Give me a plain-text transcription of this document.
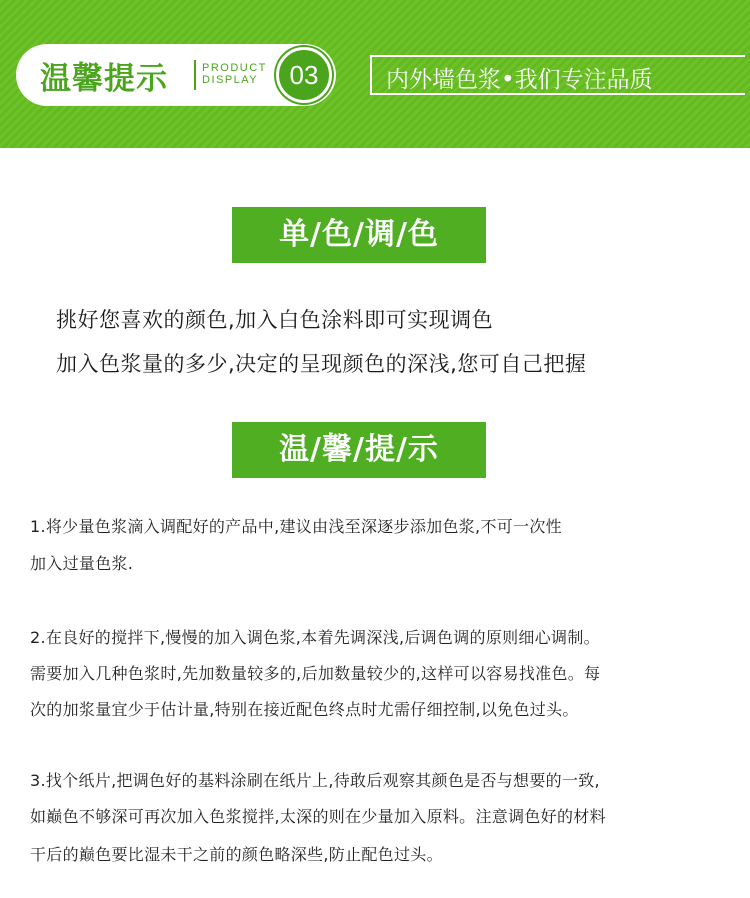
温馨提示	PRODUCT
DISPLAY	03	内外墙色浆•我们专注品质
单/色/调/色
挑好您喜欢的颜色,加入白色涂料即可实现调色
加入色浆量的多少,决定的呈现颜色的深浅,您可自己把握
温/馨/提/示
1.将少量色浆滴入调配好的产品中,建议由浅至深逐步添加色浆,不可一次性
加入过量色浆.
2.在良好的搅拌下,慢慢的加入调色浆,本着先调深浅,后调色调的原则细心调制。
需要加入几种色浆时,先加数量较多的,后加数量较少的,这样可以容易找准色。每
次的加浆量宜少于估计量,特别在接近配色终点时尤需仔细控制,以免色过头。
3.找个纸片,把调色好的基料涂刷在纸片上,待敢后观察其颜色是否与想要的一致,
如巅色不够深可再次加入色浆搅拌,太深的则在少量加入原料。注意调色好的材料
干后的巅色要比湿未干之前的颜色略深些,防止配色过头。
